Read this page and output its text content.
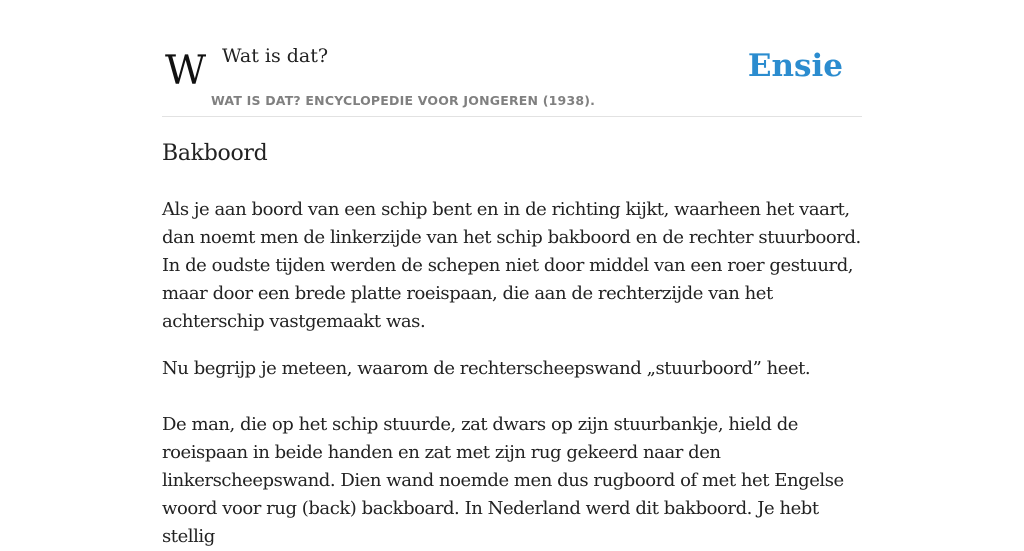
W Wat is dat?
WAT IS DAT? ENCYCLOPEDIE VOOR JONGEREN (1938).
Ensie
Bakboord

Als je aan boord van een schip bent en in de richting kijkt, waarheen het vaart, dan noemt men de linkerzijde van het schip bakboord en de rechter stuurboord. In de oudste tijden werden de schepen niet door middel van een roer gestuurd, maar door een brede platte roeispaan, die aan de rechterzijde van het achterschip vastgemaakt was.

Nu begrijp je meteen, waarom de rechterscheepswand „stuurboord” heet.

De man, die op het schip stuurde, zat dwars op zijn stuurbankje, hield de roeispaan in beide handen en zat met zijn rug gekeerd naar den linkerscheepswand. Dien wand noemde men dus rugboord of met het Engelse woord voor rug (back) backboard. In Nederland werd dit bakboord. Je hebt stellig
